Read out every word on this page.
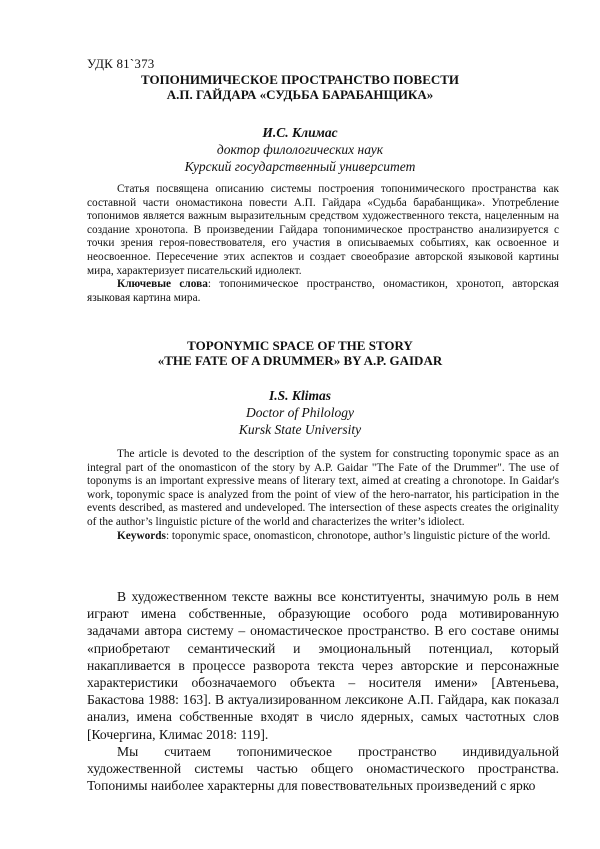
УДК 81`373
ТОПОНИМИЧЕСКОЕ ПРОСТРАНСТВО ПОВЕСТИ
А.П. ГАЙДАРА «СУДЬБА БАРАБАНЩИКА»
И.С. Климас
доктор филологических наук
Курский государственный университет

Статья посвящена описанию системы построения топонимического пространства как составной части ономастикона повести А.П. Гайдара «Судьба барабанщика». Употребление топонимов является важным выразительным средством художественного текста, нацеленным на создание хронотопа. В произведении Гайдара топонимическое пространство анализируется с точки зрения героя-повествователя, его участия в описываемых событиях, как освоенное и неосвоенное. Пересечение этих аспектов и создает своеобразие авторской языковой картины мира, характеризует писательский идиолект.

Ключевые слова: топонимическое пространство, ономастикон, хронотоп, авторская языковая картина мира.

TOPONYMIC SPACE OF THE STORY
«THE FATE OF A DRUMMER» BY A.P. GAIDAR
I.S. Klimas
Doctor of Philology
Kursk State University

The article is devoted to the description of the system for constructing toponymic space as an integral part of the onomasticon of the story by A.P. Gaidar "The Fate of the Drummer". The use of toponyms is an important expressive means of literary text, aimed at creating a chronotope. In Gaidar's work, toponymic space is analyzed from the point of view of the hero-narrator, his participation in the events described, as mastered and undeveloped. The intersection of these aspects creates the originality of the author’s linguistic picture of the world and characterizes the writer’s idiolect.

Keywords: toponymic space, onomasticon, chronotope, author’s linguistic picture of the world.

В художественном тексте важны все конституенты, значимую роль в нем играют имена собственные, образующие особого рода мотивированную задачами автора систему – ономастическое пространство. В его составе онимы «приобретают семантический и эмоциональный потенциал, который накапливается в процессе разворота текста через авторские и персонажные характеристики обозначаемого объекта – носителя имени» [Автеньева, Бакастова 1988: 163]. В актуализированном лексиконе А.П. Гайдара, как показал анализ, имена собственные входят в число ядерных, самых частотных слов [Кочергина, Климас 2018: 119].

Мы считаем топонимическое пространство индивидуальной художественной системы частью общего ономастического пространства. Топонимы наиболее характерны для повествовательных произведений с ярко
